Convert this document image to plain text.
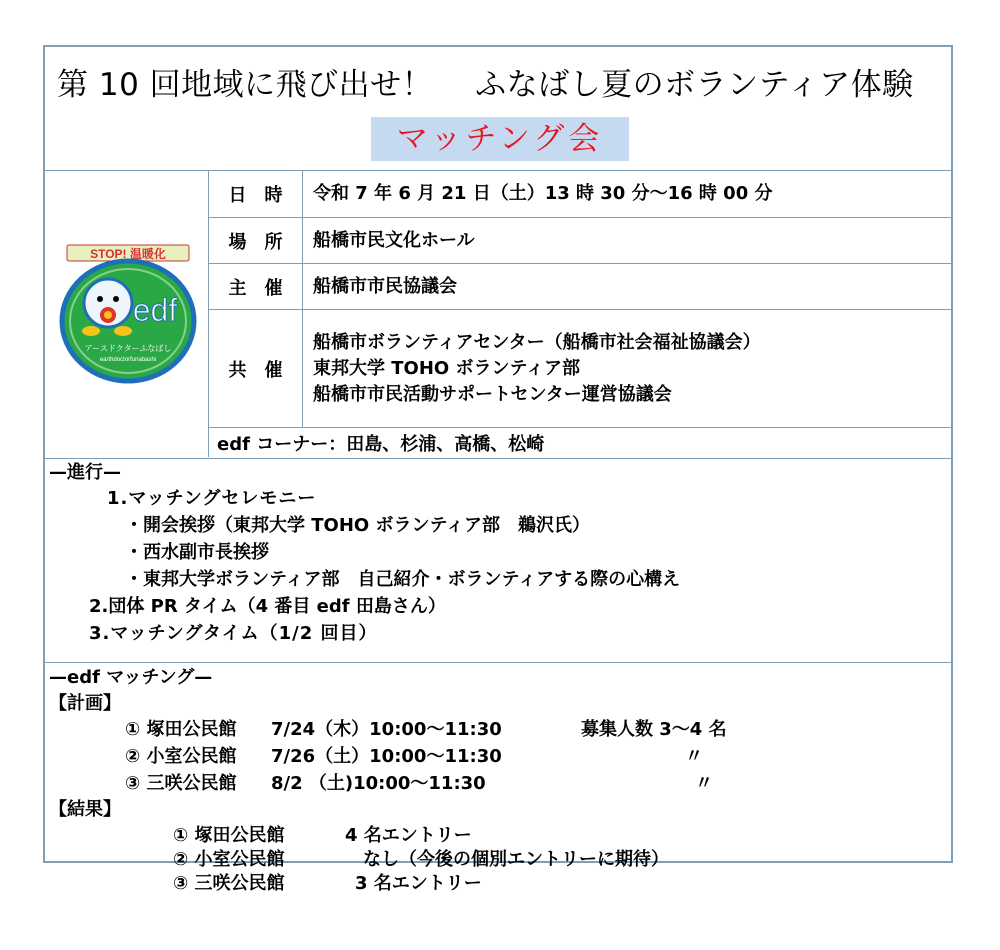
第 10 回地域に飛び出せ！ ふなばし夏のボランティア体験
マッチング会
STOP! 温暖化
edf
アースドクターふなばし
earthdoctorfunabashi
日時 令和 7 年 6 月 21 日（土）13 時 30 分〜16 時 00 分
場所 船橋市民文化ホール
主催 船橋市市民協議会
共催
船橋市ボランティアセンター（船橋市社会福祉協議会）
東邦大学 TOHO ボランティア部
船橋市市民活動サポートセンター運営協議会
edf コーナー：田島、杉浦、高橋、松崎
—進行—
1.マッチングセレモニー
・開会挨拶（東邦大学 TOHO ボランティア部　鵜沢氏）
・西水副市長挨拶
・東邦大学ボランティア部　自己紹介・ボランティアする際の心構え
2.団体 PR タイム（4 番目 edf 田島さん）
3.マッチングタイム（1/2 回目）
—edf マッチング—
【計画】
① 塚田公民館 7/24（木）10:00〜11:30	募集人数 3〜4 名
② 小室公民館 7/26（土）10:00〜11:30	〃
③ 三咲公民館 8/2 （土)10:00〜11:30	〃
【結果】
① 塚田公民館	4 名エントリー
② 小室公民館	なし（今後の個別エントリーに期待）
③ 三咲公民館	3 名エントリー
